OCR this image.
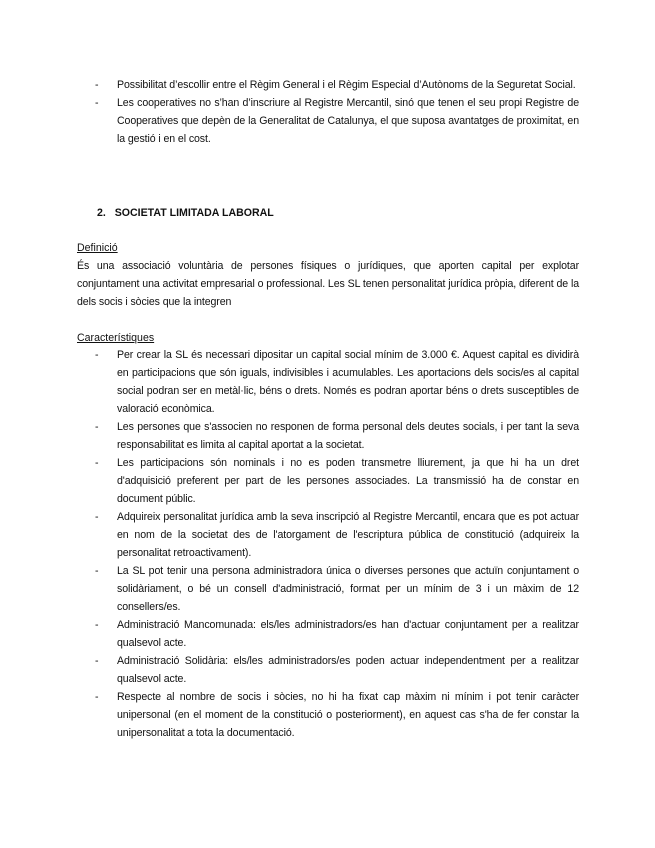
- Possibilitat d’escollir entre el Règim General i el Règim Especial d’Autònoms de la Seguretat Social.
- Les cooperatives no s’han d’inscriure al Registre Mercantil, sinó que tenen el seu propi Registre de Cooperatives que depèn de la Generalitat de Catalunya, el que suposa avantatges de proximitat, en la gestió i en el cost.
2. SOCIETAT LIMITADA LABORAL
Definició
És una associació voluntària de persones físiques o jurídiques, que aporten capital per explotar conjuntament una activitat empresarial o professional. Les SL tenen personalitat jurídica pròpia, diferent de la dels socis i sòcies que la integren
Característiques
- Per crear la SL és necessari dipositar un capital social mínim de 3.000 €. Aquest capital es dividirà en participacions que són iguals, indivisibles i acumulables. Les aportacions dels socis/es al capital social podran ser en metàl·lic, béns o drets. Només es podran aportar béns o drets susceptibles de valoració econòmica.
- Les persones que s'associen no responen de forma personal dels deutes socials, i per tant la seva responsabilitat es limita al capital aportat a la societat.
- Les participacions són nominals i no es poden transmetre lliurement, ja que hi ha un dret d'adquisició preferent per part de les persones associades. La transmissió ha de constar en document públic.
- Adquireix personalitat jurídica amb la seva inscripció al Registre Mercantil, encara que es pot actuar en nom de la societat des de l'atorgament de l'escriptura pública de constitució (adquireix la personalitat retroactivament).
- La SL pot tenir una persona administradora única o diverses persones que actuïn conjuntament o solidàriament, o bé un consell d'administració, format per un mínim de 3 i un màxim de 12 consellers/es.
- Administració Mancomunada: els/les administradors/es han d'actuar conjuntament per a realitzar qualsevol acte.
- Administració Solidària: els/les administradors/es poden actuar independentment per a realitzar qualsevol acte.
- Respecte al nombre de socis i sòcies, no hi ha fixat cap màxim ni mínim i pot tenir caràcter unipersonal (en el moment de la constitució o posteriorment), en aquest cas s'ha de fer constar la unipersonalitat a tota la documentació.
